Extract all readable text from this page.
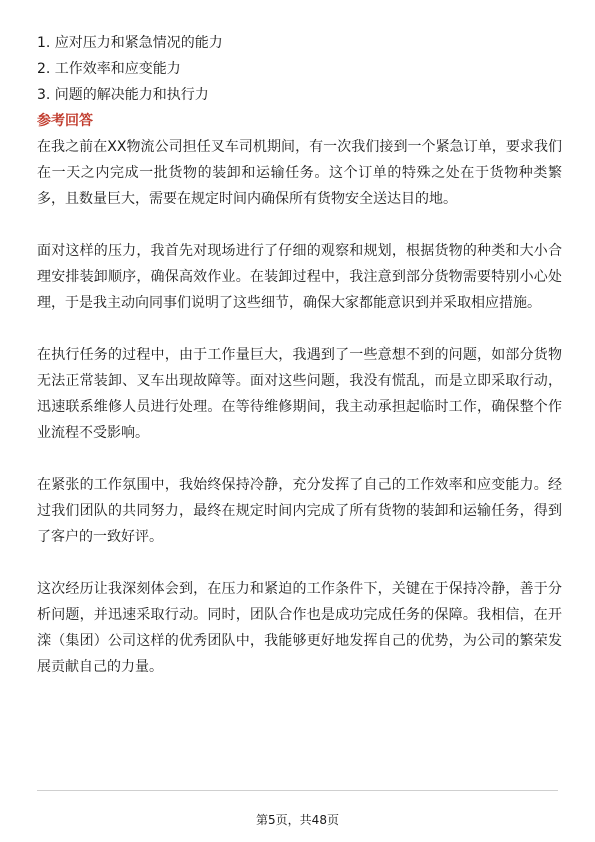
1. 应对压力和紧急情况的能力
2. 工作效率和应变能力
3. 问题的解决能力和执行力
参考回答

在我之前在XX物流公司担任叉车司机期间，有一次我们接到一个紧急订单，要求我们在一天之内完成一批货物的装卸和运输任务。这个订单的特殊之处在于货物种类繁多，且数量巨大，需要在规定时间内确保所有货物安全送达目的地。

面对这样的压力，我首先对现场进行了仔细的观察和规划，根据货物的种类和大小合理安排装卸顺序，确保高效作业。在装卸过程中，我注意到部分货物需要特别小心处理，于是我主动向同事们说明了这些细节，确保大家都能意识到并采取相应措施。

在执行任务的过程中，由于工作量巨大，我遇到了一些意想不到的问题，如部分货物无法正常装卸、叉车出现故障等。面对这些问题，我没有慌乱，而是立即采取行动，迅速联系维修人员进行处理。在等待维修期间，我主动承担起临时工作，确保整个作业流程不受影响。

在紧张的工作氛围中，我始终保持冷静，充分发挥了自己的工作效率和应变能力。经过我们团队的共同努力，最终在规定时间内完成了所有货物的装卸和运输任务，得到了客户的一致好评。

这次经历让我深刻体会到，在压力和紧迫的工作条件下，关键在于保持冷静，善于分析问题，并迅速采取行动。同时，团队合作也是成功完成任务的保障。我相信，在开滦（集团）公司这样的优秀团队中，我能够更好地发挥自己的优势，为公司的繁荣发展贡献自己的力量。

第5页，共48页
